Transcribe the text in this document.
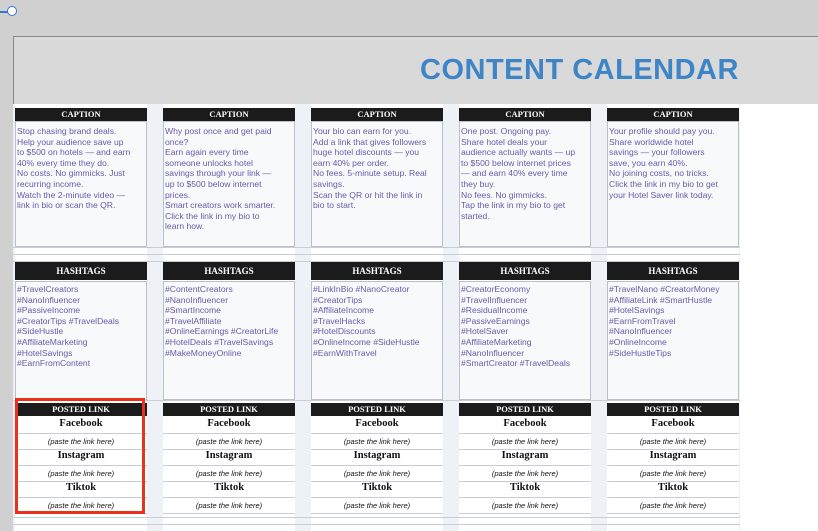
CONTENT CALENDAR
CAPTION
Stop chasing brand deals.
Help your audience save up
to $500 on hotels — and earn
40% every time they do.
No costs. No gimmicks. Just
recurring income.
Watch the 2-minute video —
link in bio or scan the QR.
HASHTAGS
#TravelCreators
#NanoInfluencer
#PassiveIncome
#CreatorTips #TravelDeals
#SideHustle
#AffiliateMarketing
#HotelSavings
#EarnFromContent
POSTED LINK
Facebook
(paste the link here)
Instagram
(paste the link here)
Tiktok
(paste the link here)
CAPTION
Why post once and get paid
once?
Earn again every time
someone unlocks hotel
savings through your link —
up to $500 below internet
prices.
Smart creators work smarter.
Click the link in my bio to
learn how.
HASHTAGS
#ContentCreators
#NanoInfluencer
#SmartIncome
#TravelAffiliate
#OnlineEarnings #CreatorLife
#HotelDeals #TravelSavings
#MakeMoneyOnline
POSTED LINK
Facebook
(paste the link here)
Instagram
(paste the link here)
Tiktok
(paste the link here)
CAPTION
Your bio can earn for you.
Add a link that gives followers
huge hotel discounts — you
earn 40% per order.
No fees. 5-minute setup. Real
savings.
Scan the QR or hit the link in
bio to start.
HASHTAGS
#LinkInBio #NanoCreator
#CreatorTips
#AffiliateIncome
#TravelHacks
#HotelDiscounts
#OnlineIncome #SideHustle
#EarnWithTravel
POSTED LINK
Facebook
(paste the link here)
Instagram
(paste the link here)
Tiktok
(paste the link here)
CAPTION
One post. Ongoing pay.
Share hotel deals your
audience actually wants — up
to $500 below internet prices
— and earn 40% every time
they buy.
No fees. No gimmicks.
Tap the link in my bio to get
started.
HASHTAGS
#CreatorEconomy
#TravelInfluencer
#ResidualIncome
#PassiveEarnings
#HotelSaver
#AffiliateMarketing
#NanoInfluencer
#SmartCreator #TravelDeals
POSTED LINK
Facebook
(paste the link here)
Instagram
(paste the link here)
Tiktok
(paste the link here)
CAPTION
Your profile should pay you.
Share worldwide hotel
savings — your followers
save, you earn 40%.
No joining costs, no tricks.
Click the link in my bio to get
your Hotel Saver link today.
HASHTAGS
#TravelNano #CreatorMoney
#AffiliateLink #SmartHustle
#HotelSavings
#EarnFromTravel
#NanoInfluencer
#OnlineIncome
#SideHustleTips
POSTED LINK
Facebook
(paste the link here)
Instagram
(paste the link here)
Tiktok
(paste the link here)
